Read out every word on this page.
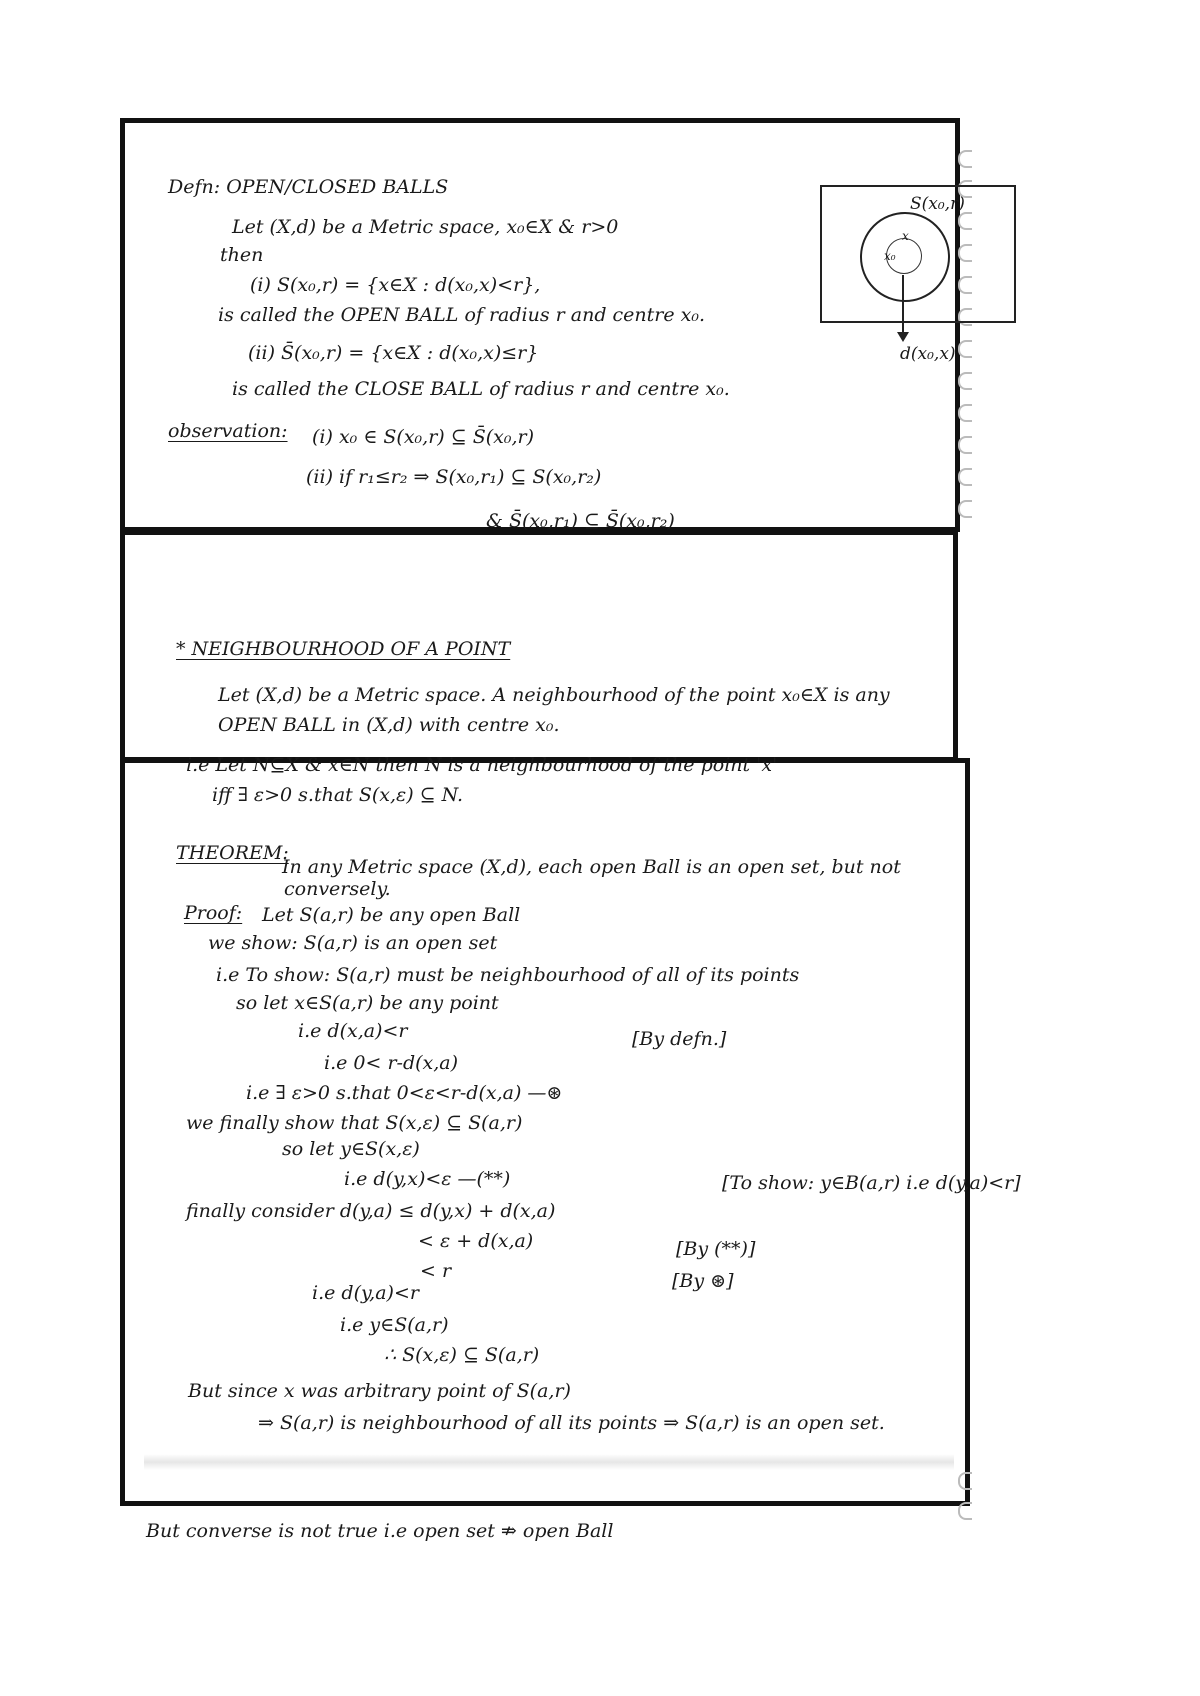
Defn: OPEN/CLOSED BALLS
Let (X,d) be a Metric space, x₀∈X & r>0
then
(i) S(x₀,r) = {x∈X : d(x₀,x)<r},
is called the OPEN BALL of radius r and centre x₀.
(ii) S̄(x₀,r) = {x∈X : d(x₀,x)≤r}
is called the CLOSE BALL of radius r and centre x₀.
observation: (i) x₀ ∈ S(x₀,r) ⊆ S̄(x₀,r)
(ii) if r₁≤r₂ ⇒ S(x₀,r₁) ⊆ S(x₀,r₂)
& S̄(x₀,r₁) ⊆ S̄(x₀,r₂)
S(x₀,r)
x
x₀
d(x₀,x)
* NEIGHBOURHOOD OF A POINT
Let (X,d) be a Metric space. A neighbourhood of the point x₀∈X is any
OPEN BALL in (X,d) with centre x₀.
i.e Let N⊆X & x∈N then N is a neighbourhood of the point 'x'
iff ∃ ε>0 s.that S(x,ε) ⊆ N.
THEOREM:
In any Metric space (X,d), each open Ball is an open set, but not
conversely.
Proof: Let S(a,r) be any open Ball
we show: S(a,r) is an open set
i.e To show: S(a,r) must be neighbourhood of all of its points
so let x∈S(a,r) be any point
i.e d(x,a)<r	[By defn.]
i.e 0< r-d(x,a)
i.e ∃ ε>0 s.that 0<ε<r-d(x,a) —⊛
we finally show that S(x,ε) ⊆ S(a,r)
so let y∈S(x,ε)
i.e d(y,x)<ε —(**)	[To show: y∈B(a,r) i.e d(y,a)<r]
finally consider d(y,a) ≤ d(y,x) + d(x,a)
< ε + d(x,a)	[By (**)]
< r	[By ⊛]
i.e d(y,a)<r
i.e y∈S(a,r)
∴ S(x,ε) ⊆ S(a,r)
But since x was arbitrary point of S(a,r)
⇒ S(a,r) is neighbourhood of all its points ⇒ S(a,r) is an open set.
But converse is not true i.e open set ⇏ open Ball
